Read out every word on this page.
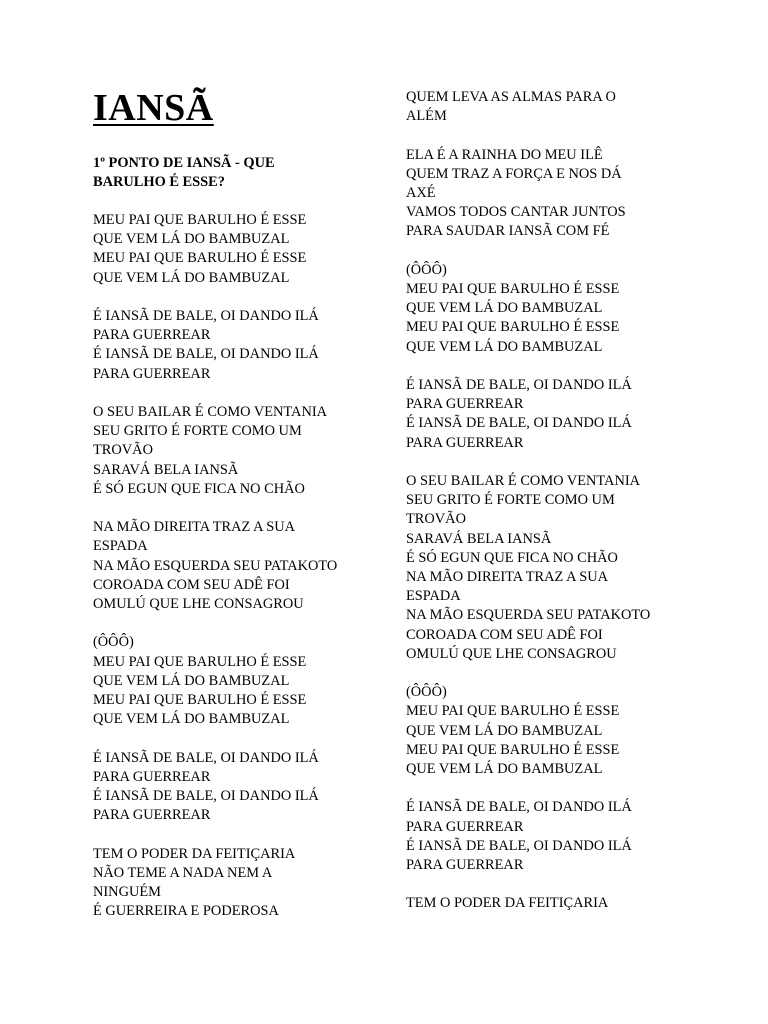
IANSÃ
1º PONTO DE IANSÃ - QUE
BARULHO É ESSE?
MEU PAI QUE BARULHO É ESSE
QUE VEM LÁ DO BAMBUZAL
MEU PAI QUE BARULHO É ESSE
QUE VEM LÁ DO BAMBUZAL
É IANSÃ DE BALE, OI DANDO ILÁ
PARA GUERREAR
É IANSÃ DE BALE, OI DANDO ILÁ
PARA GUERREAR
O SEU BAILAR É COMO VENTANIA
SEU GRITO É FORTE COMO UM
TROVÃO
SARAVÁ BELA IANSÃ
É SÓ EGUN QUE FICA NO CHÃO
NA MÃO DIREITA TRAZ A SUA
ESPADA
NA MÃO ESQUERDA SEU PATAKOTO
COROADA COM SEU ADÊ FOI
OMULÚ QUE LHE CONSAGROU
(ÔÔÔ)
MEU PAI QUE BARULHO É ESSE
QUE VEM LÁ DO BAMBUZAL
MEU PAI QUE BARULHO É ESSE
QUE VEM LÁ DO BAMBUZAL
É IANSÃ DE BALE, OI DANDO ILÁ
PARA GUERREAR
É IANSÃ DE BALE, OI DANDO ILÁ
PARA GUERREAR
TEM O PODER DA FEITIÇARIA
NÃO TEME A NADA NEM A
NINGUÉM
É GUERREIRA E PODEROSA
QUEM LEVA AS ALMAS PARA O
ALÉM
ELA É A RAINHA DO MEU ILÊ
QUEM TRAZ A FORÇA E NOS DÁ
AXÉ
VAMOS TODOS CANTAR JUNTOS
PARA SAUDAR IANSÃ COM FÉ
(ÔÔÔ)
MEU PAI QUE BARULHO É ESSE
QUE VEM LÁ DO BAMBUZAL
MEU PAI QUE BARULHO É ESSE
QUE VEM LÁ DO BAMBUZAL
É IANSÃ DE BALE, OI DANDO ILÁ
PARA GUERREAR
É IANSÃ DE BALE, OI DANDO ILÁ
PARA GUERREAR
O SEU BAILAR É COMO VENTANIA
SEU GRITO É FORTE COMO UM
TROVÃO
SARAVÁ BELA IANSÃ
É SÓ EGUN QUE FICA NO CHÃO
NA MÃO DIREITA TRAZ A SUA
ESPADA
NA MÃO ESQUERDA SEU PATAKOTO
COROADA COM SEU ADÊ FOI
OMULÚ QUE LHE CONSAGROU
(ÔÔÔ)
MEU PAI QUE BARULHO É ESSE
QUE VEM LÁ DO BAMBUZAL
MEU PAI QUE BARULHO É ESSE
QUE VEM LÁ DO BAMBUZAL
É IANSÃ DE BALE, OI DANDO ILÁ
PARA GUERREAR
É IANSÃ DE BALE, OI DANDO ILÁ
PARA GUERREAR
TEM O PODER DA FEITIÇARIA
